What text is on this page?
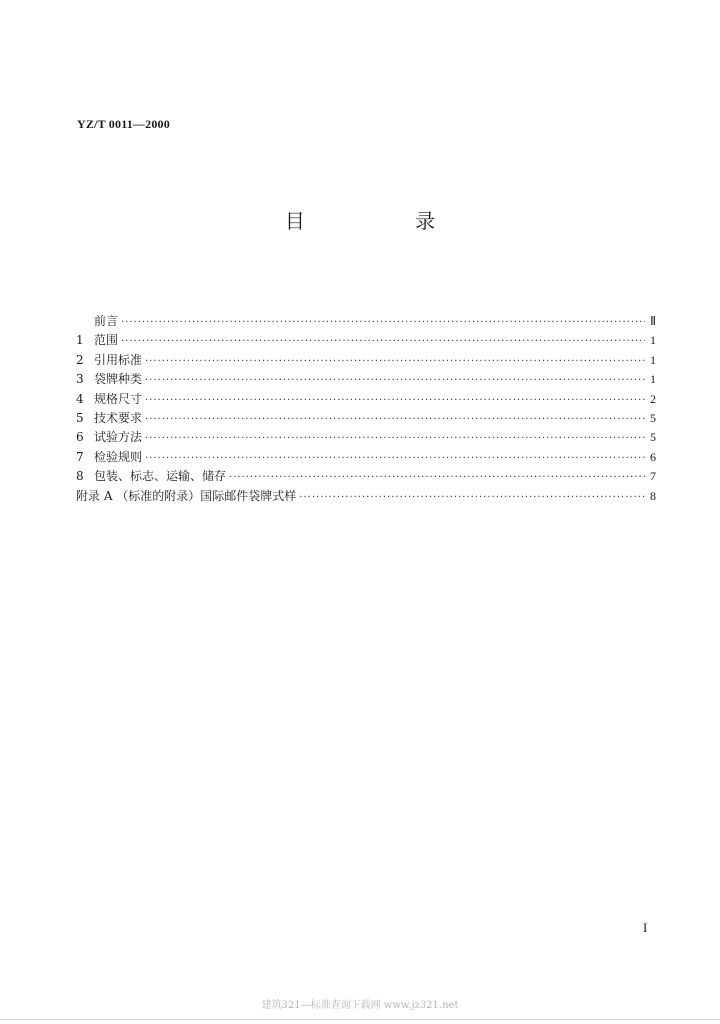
YZ/T 0011—2000
目 录
前言 ·····	Ⅱ
1 范围 ·····	1
2 引用标准 ·····	1
3 袋牌种类 ·····	1
4 规格尺寸 ·····	2
5 技术要求 ·····	5
6 试验方法 ·····	5
7 检验规则 ·····	6
8 包装、标志、运输、储存 ·····	7
附录 A （标准的附录）国际邮件袋牌式样 ·····	8
I
建筑321—标准查询下载网 www.jz321.net
